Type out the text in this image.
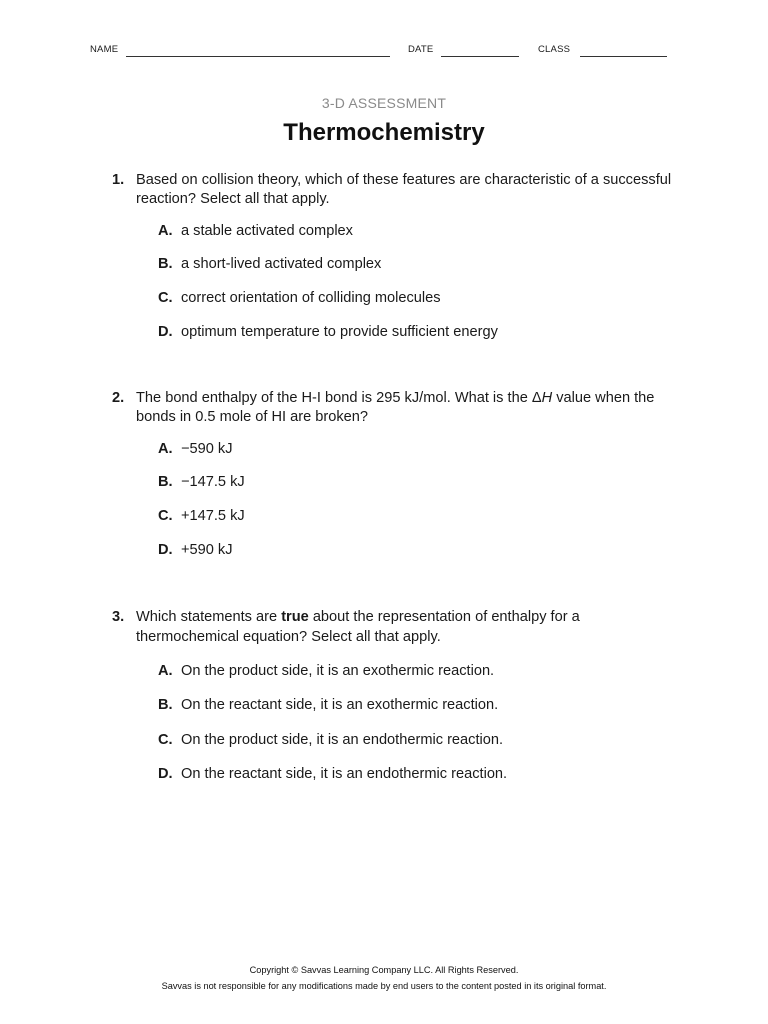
NAME	DATE	CLASS
3-D ASSESSMENT
Thermochemistry
1. Based on collision theory, which of these features are characteristic of a successful reaction? Select all that apply.
A. a stable activated complex
B. a short-lived activated complex
C. correct orientation of colliding molecules
D. optimum temperature to provide sufficient energy
2. The bond enthalpy of the H-I bond is 295 kJ/mol. What is the ΔH value when the bonds in 0.5 mole of HI are broken?
A. −590 kJ
B. −147.5 kJ
C. +147.5 kJ
D. +590 kJ
3. Which statements are true about the representation of enthalpy for a thermochemical equation? Select all that apply.
A. On the product side, it is an exothermic reaction.
B. On the reactant side, it is an exothermic reaction.
C. On the product side, it is an endothermic reaction.
D. On the reactant side, it is an endothermic reaction.
Copyright © Savvas Learning Company LLC. All Rights Reserved.
Savvas is not responsible for any modifications made by end users to the content posted in its original format.
